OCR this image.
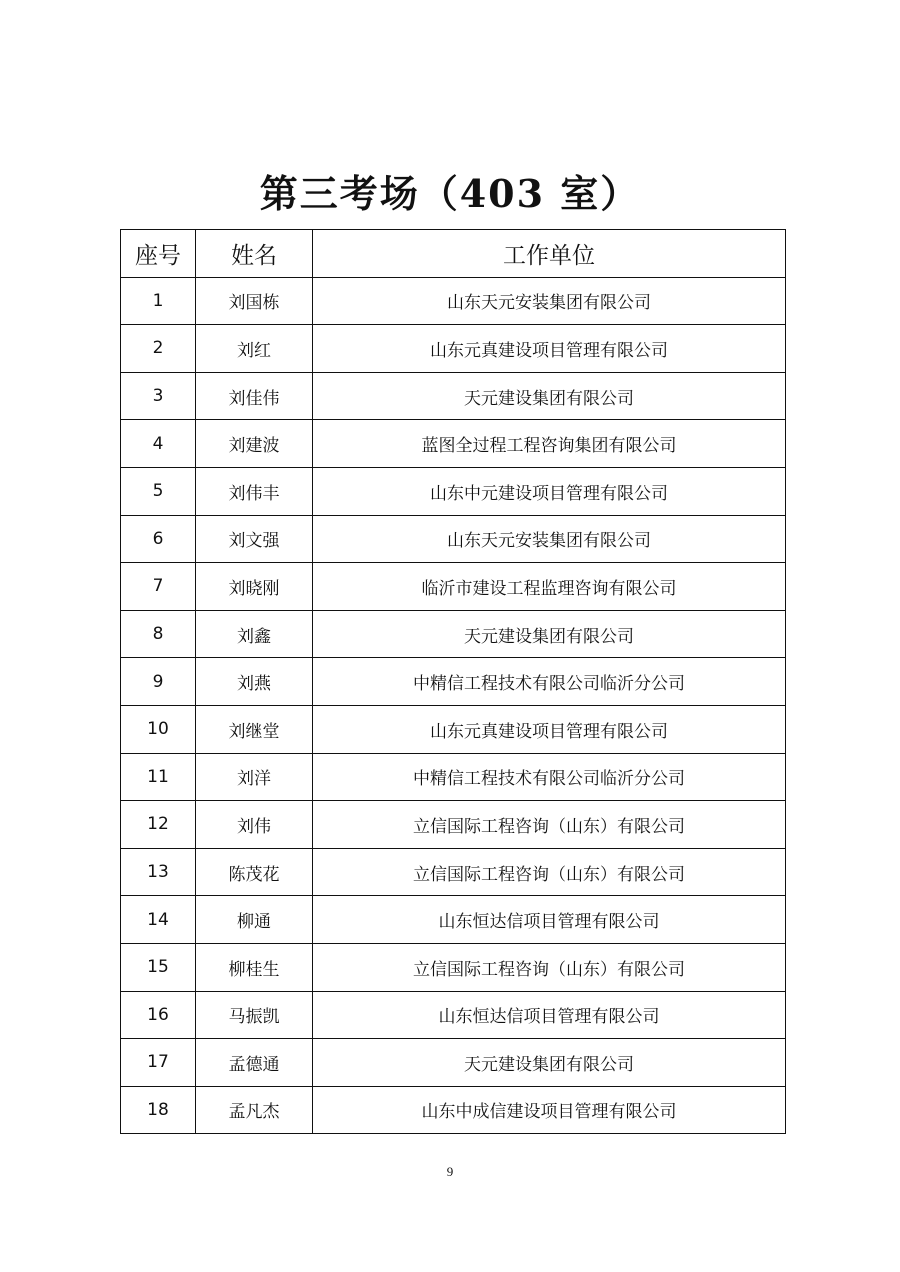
第三考场（403 室）
座号	姓名	工作单位
1	刘国栋	山东天元安装集团有限公司
2	刘红	山东元真建设项目管理有限公司
3	刘佳伟	天元建设集团有限公司
4	刘建波	蓝图全过程工程咨询集团有限公司
5	刘伟丰	山东中元建设项目管理有限公司
6	刘文强	山东天元安装集团有限公司
7	刘晓刚	临沂市建设工程监理咨询有限公司
8	刘鑫	天元建设集团有限公司
9	刘燕	中精信工程技术有限公司临沂分公司
10	刘继堂	山东元真建设项目管理有限公司
11	刘洋	中精信工程技术有限公司临沂分公司
12	刘伟	立信国际工程咨询（山东）有限公司
13	陈茂花	立信国际工程咨询（山东）有限公司
14	柳通	山东恒达信项目管理有限公司
15	柳桂生	立信国际工程咨询（山东）有限公司
16	马振凯	山东恒达信项目管理有限公司
17	孟德通	天元建设集团有限公司
18	孟凡杰	山东中成信建设项目管理有限公司
9
